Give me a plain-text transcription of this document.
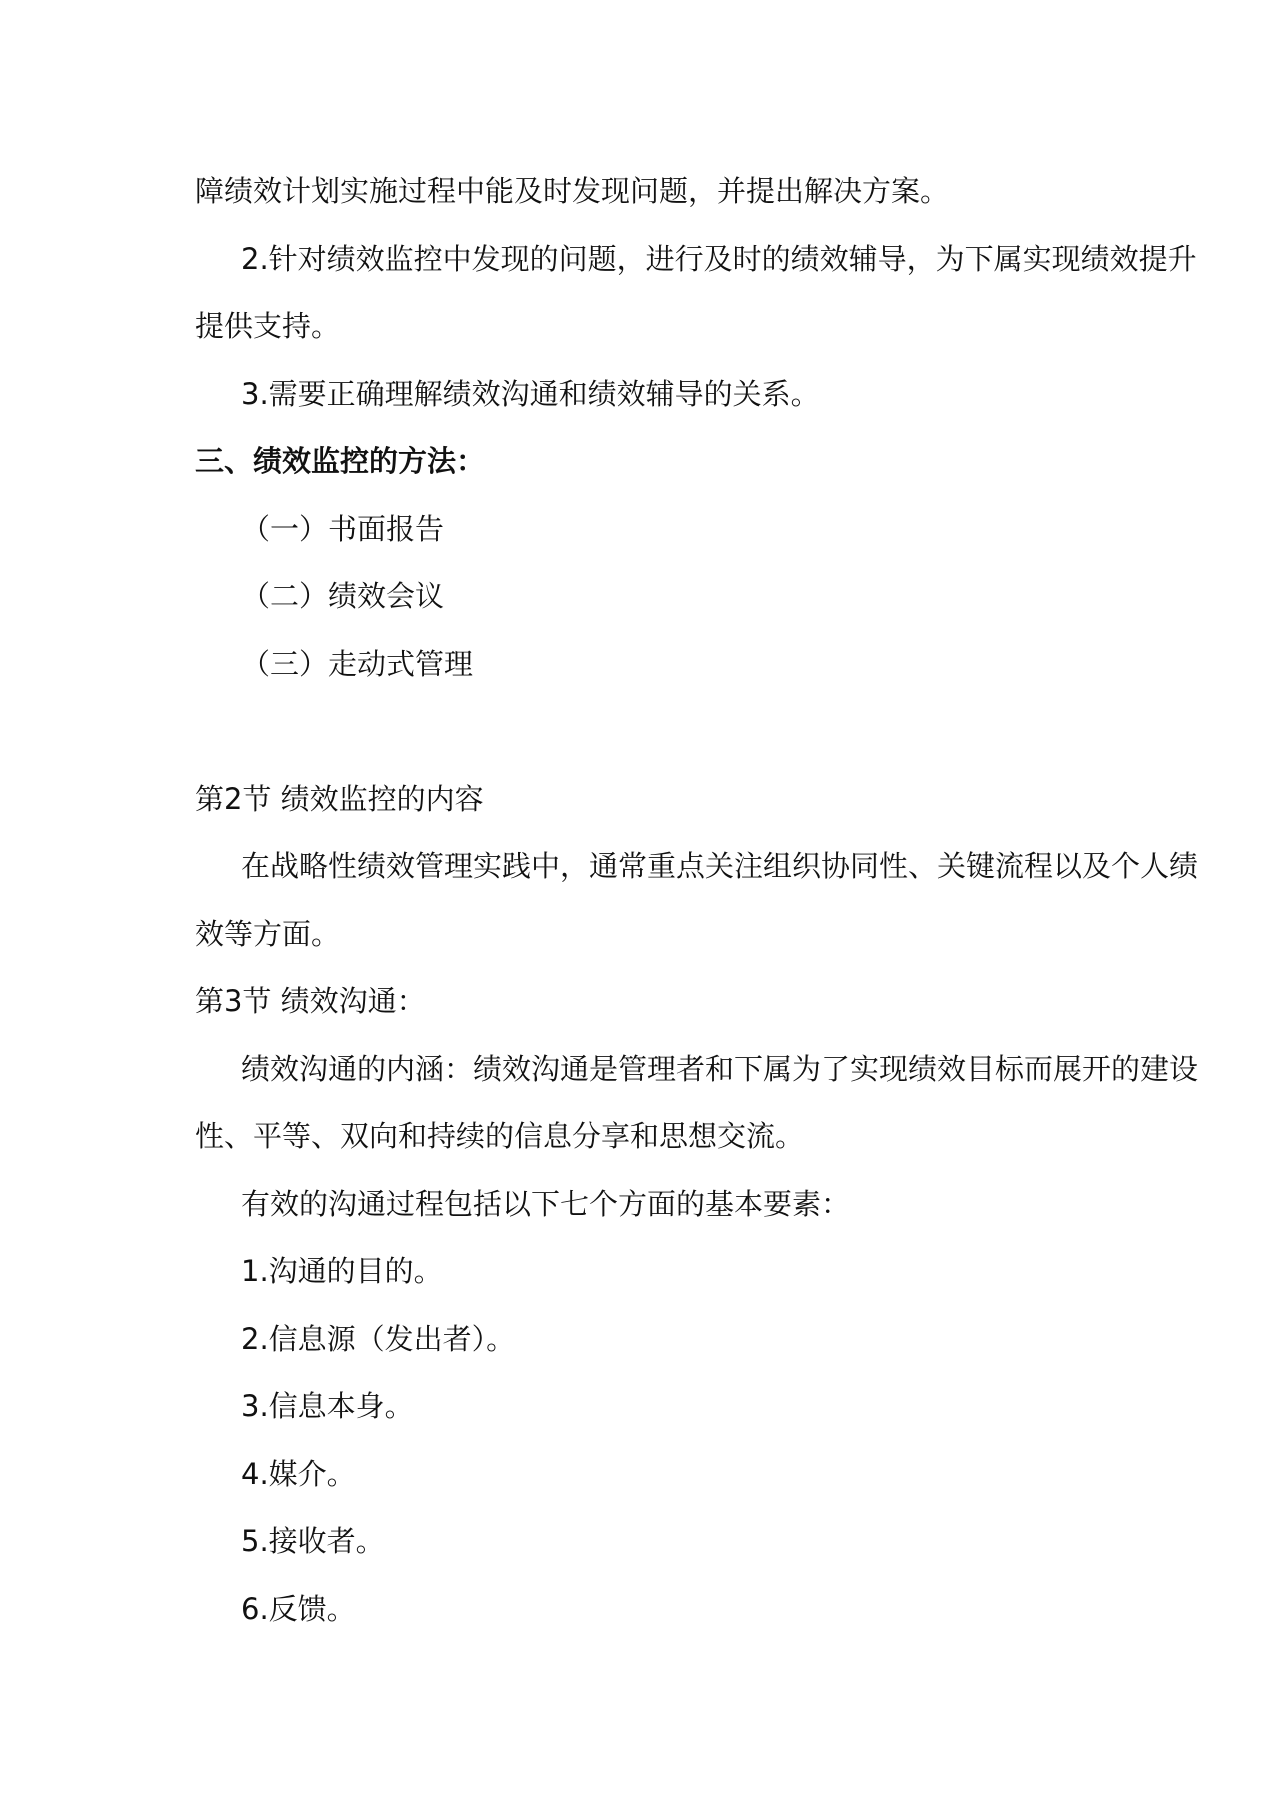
障绩效计划实施过程中能及时发现问题，并提出解决方案。
2.针对绩效监控中发现的问题，进行及时的绩效辅导，为下属实现绩效提升
提供支持。
3.需要正确理解绩效沟通和绩效辅导的关系。
三、绩效监控的方法：
（一）书面报告
（二）绩效会议
（三）走动式管理
第2节 绩效监控的内容
在战略性绩效管理实践中，通常重点关注组织协同性、关键流程以及个人绩
效等方面。
第3节 绩效沟通：
绩效沟通的内涵：绩效沟通是管理者和下属为了实现绩效目标而展开的建设
性、平等、双向和持续的信息分享和思想交流。
有效的沟通过程包括以下七个方面的基本要素：
1.沟通的目的。
2.信息源（发出者）。
3.信息本身。
4.媒介。
5.接收者。
6.反馈。
